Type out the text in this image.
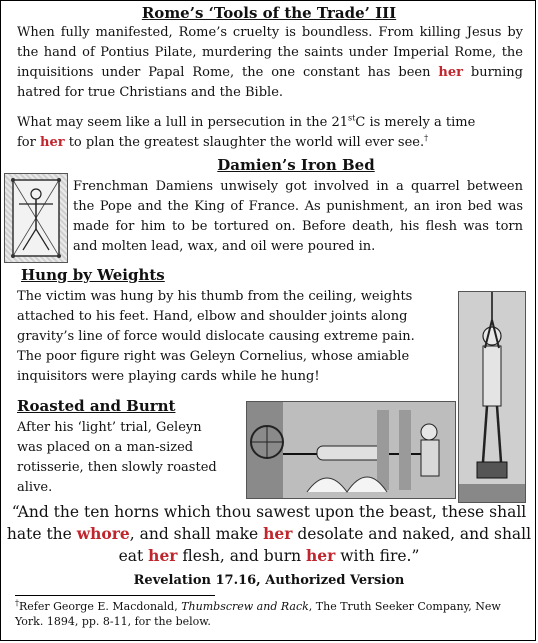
Rome’s ‘Tools of the Trade’ III
When fully manifested, Rome’s cruelty is boundless. From killing Jesus by the hand of Pontius Pilate, murdering the saints under Imperial Rome, the inquisitions under Papal Rome, the one constant has been her burning hatred for true Christians and the Bible.
What may seem like a lull in persecution in the 21stC is merely a time
for her to plan the greatest slaughter the world will ever see.†
Damien’s Iron Bed
Frenchman Damiens unwisely got involved in a quarrel between the Pope and the King of France. As punishment, an iron bed was made for him to be tortured on. Before death, his flesh was torn and molten lead, wax, and oil were poured in.
Hung by Weights
The victim was hung by his thumb from the ceiling, weights
attached to his feet. Hand, elbow and shoulder joints along
gravity’s line of force would dislocate causing extreme pain.
The poor figure right was Geleyn Cornelius, whose amiable
inquisitors were playing cards while he hung!
Roasted and Burnt
After his ‘light’ trial, Geleyn
was placed on a man-sized
rotisserie, then slowly roasted
alive.
“And the ten horns which thou sawest upon the beast, these shall
hate the whore, and shall make her desolate and naked, and shall
eat her flesh, and burn her with fire.”
Revelation 17.16, Authorized Version
†Refer George E. Macdonald, Thumbscrew and Rack, The Truth Seeker Company, New
York. 1894, pp. 8-11, for the below.
